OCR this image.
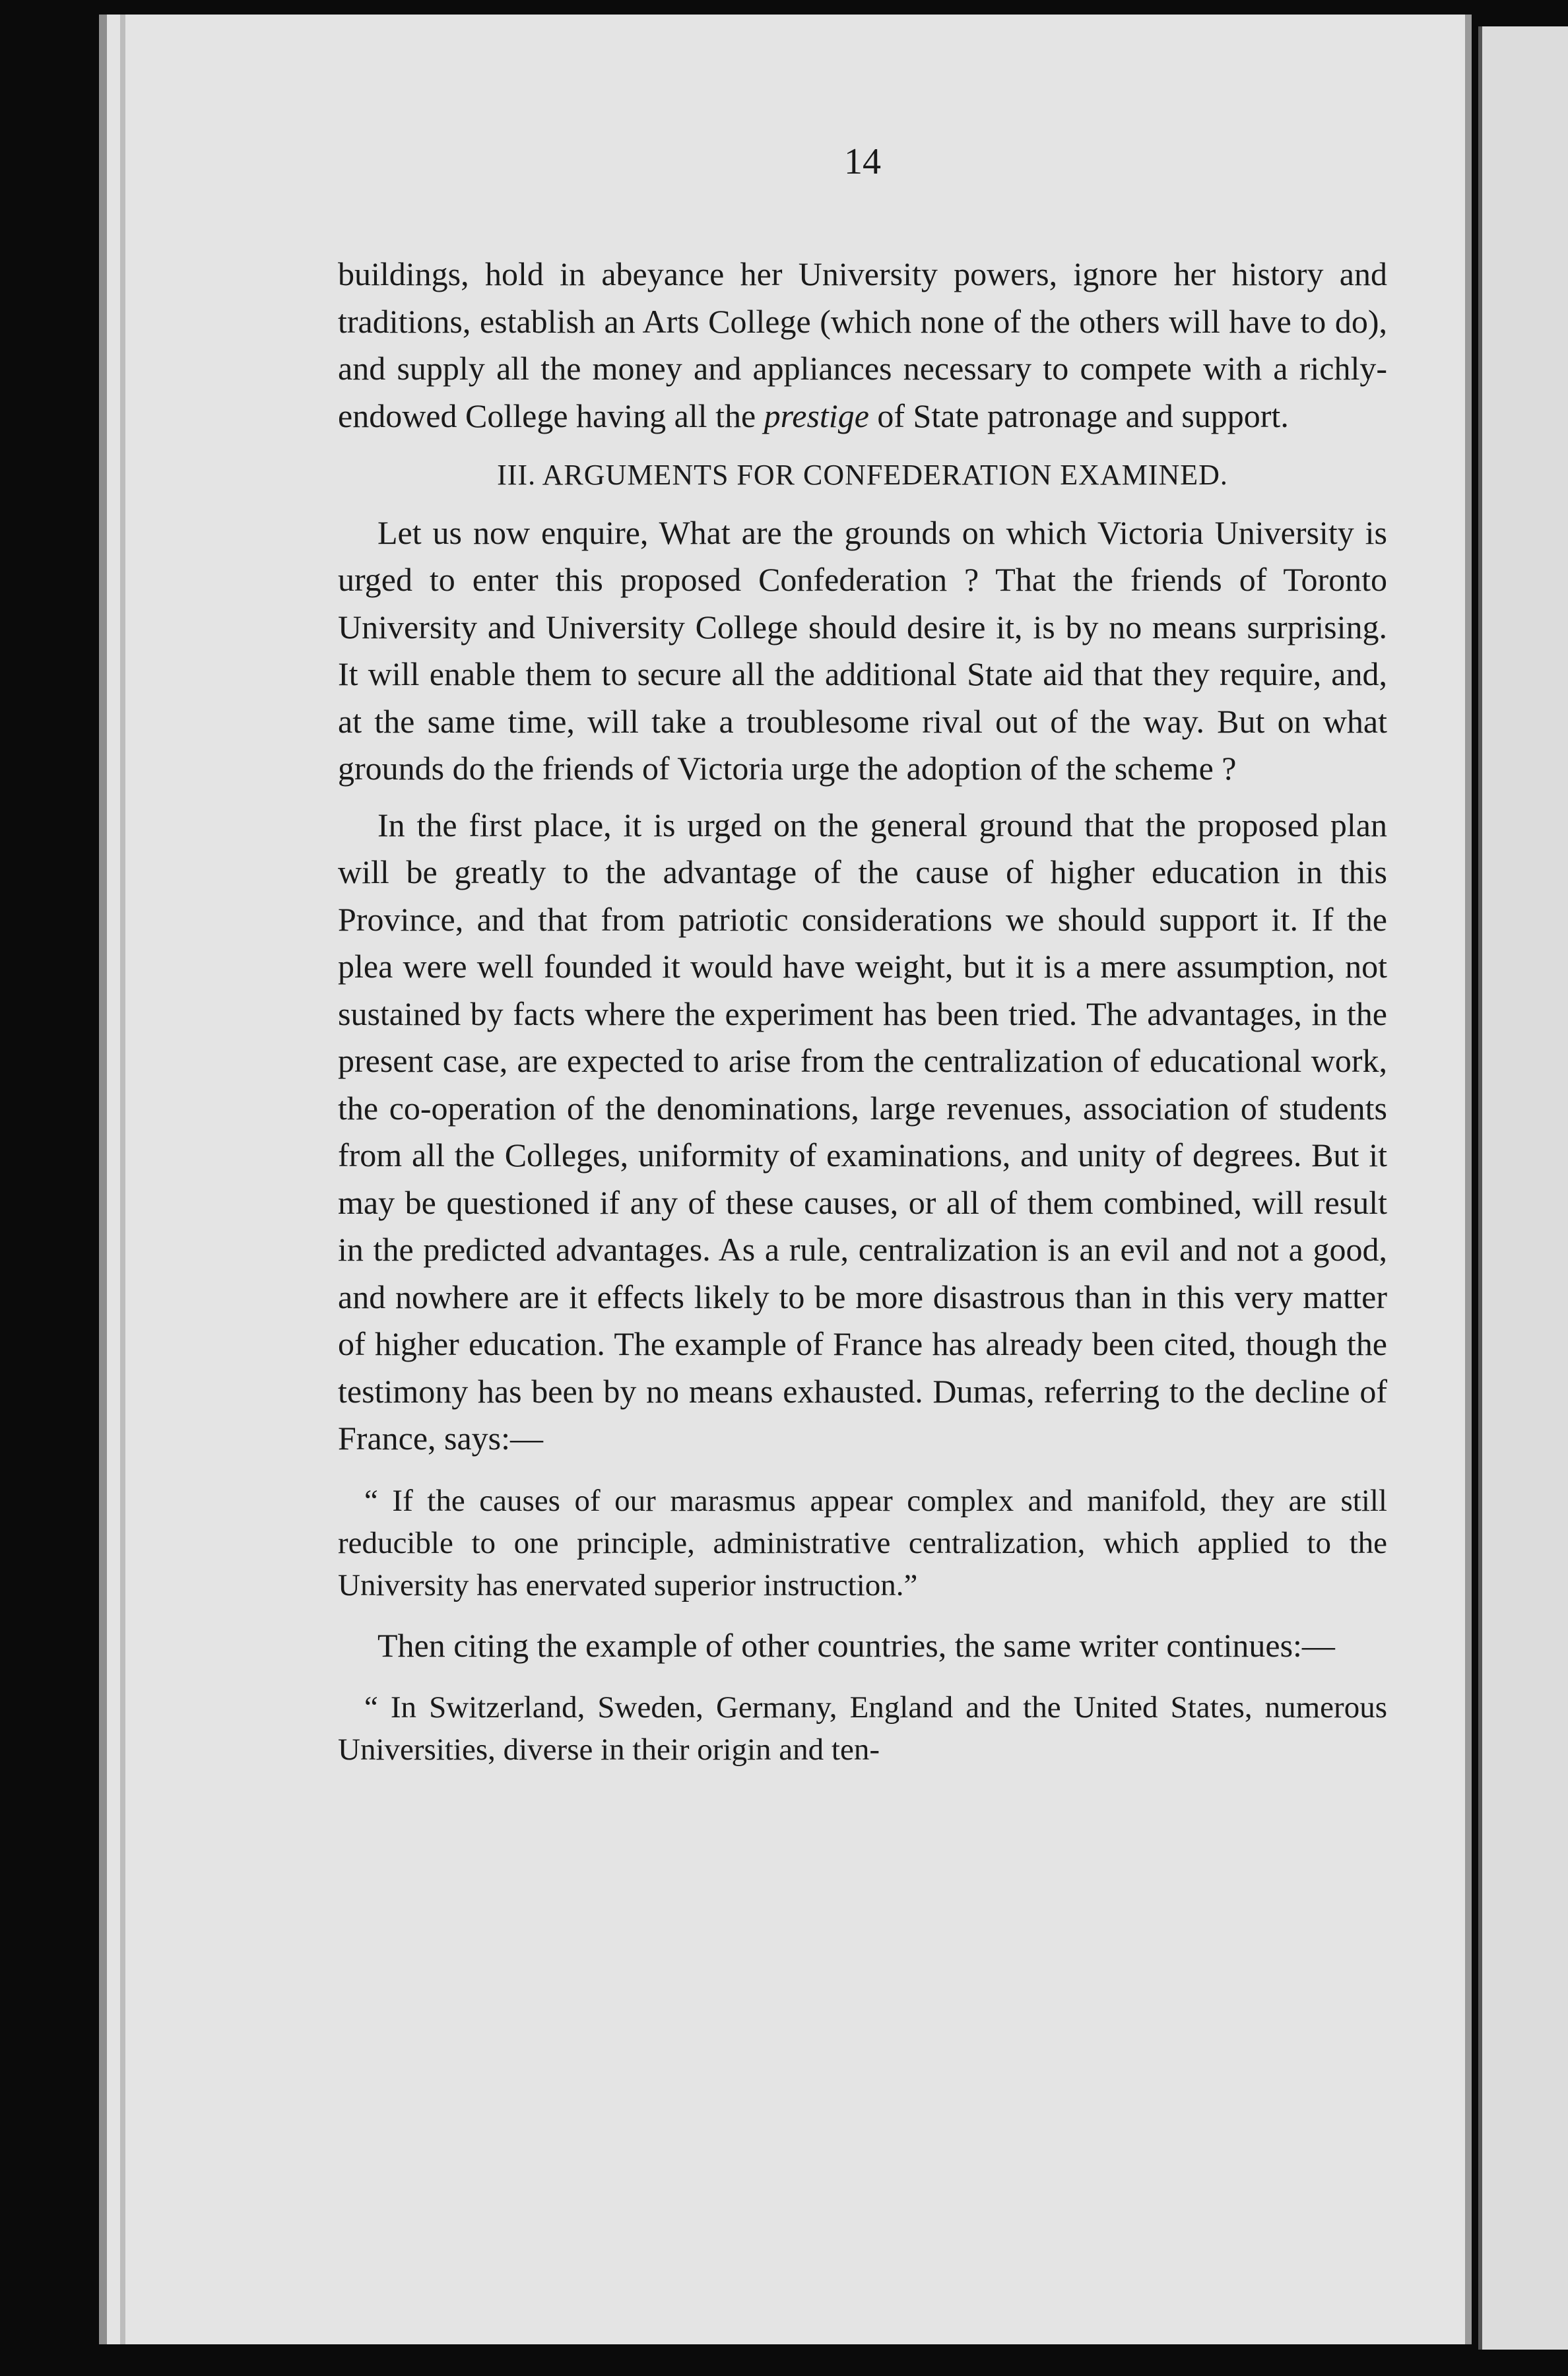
14

buildings, hold in abeyance her University powers, ignore her history and traditions, establish an Arts College (which none of the others will have to do), and supply all the money and appliances necessary to compete with a richly-endowed College having all the prestige of State patronage and support.

III. ARGUMENTS FOR CONFEDERATION EXAMINED.

Let us now enquire, What are the grounds on which Victoria University is urged to enter this proposed Confederation ? That the friends of Toronto University and University College should desire it, is by no means surprising. It will enable them to secure all the additional State aid that they require, and, at the same time, will take a troublesome rival out of the way. But on what grounds do the friends of Victoria urge the adoption of the scheme ?

In the first place, it is urged on the general ground that the proposed plan will be greatly to the advantage of the cause of higher education in this Province, and that from patriotic considerations we should support it. If the plea were well founded it would have weight, but it is a mere assumption, not sustained by facts where the experiment has been tried. The advantages, in the present case, are expected to arise from the centralization of educational work, the co-operation of the denominations, large revenues, association of students from all the Colleges, uniformity of examinations, and unity of degrees. But it may be questioned if any of these causes, or all of them combined, will result in the predicted advantages. As a rule, centralization is an evil and not a good, and nowhere are it effects likely to be more disastrous than in this very matter of higher education. The example of France has already been cited, though the testimony has been by no means exhausted. Dumas, referring to the decline of France, says:—

“ If the causes of our marasmus appear complex and manifold, they are still reducible to one principle, administrative centralization, which applied to the University has enervated superior instruction.”

Then citing the example of other countries, the same writer continues:—

“ In Switzerland, Sweden, Germany, England and the United States, numerous Universities, diverse in their origin and ten-
